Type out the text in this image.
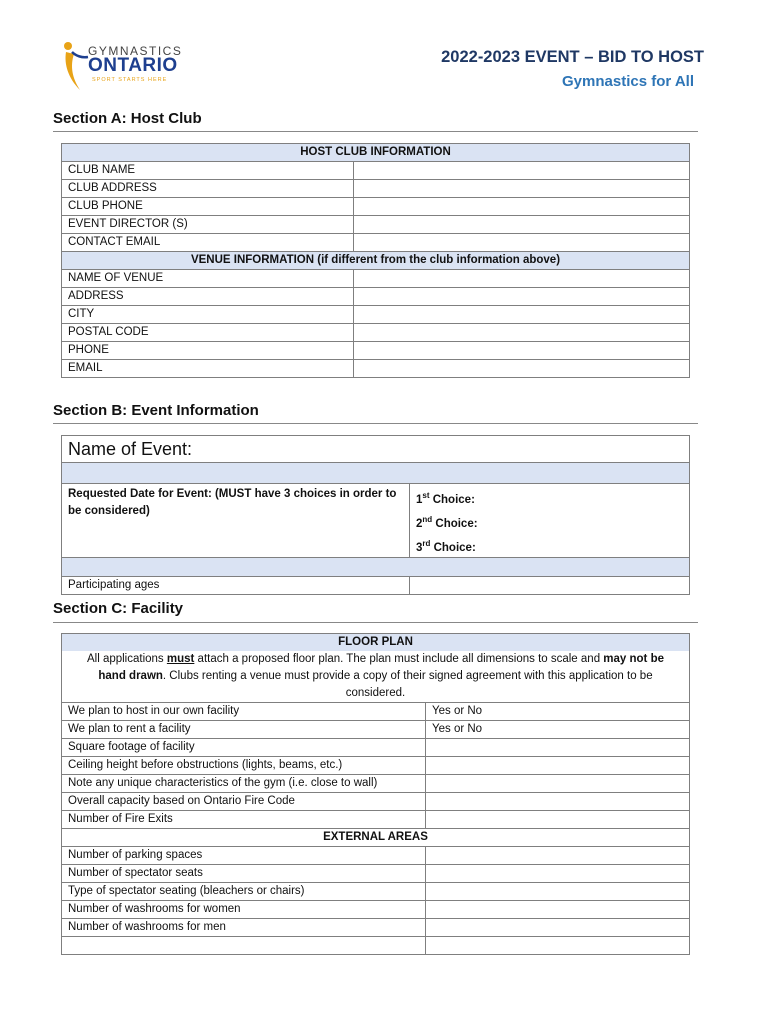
GYMNASTICS
ONTARIO
SPORT STARTS HERE
2022-2023 EVENT – BID TO HOST
Gymnastics for All
Section A: Host Club
HOST CLUB INFORMATION	
CLUB NAME	
CLUB ADDRESS	
CLUB PHONE	
EVENT DIRECTOR (S)	
CONTACT EMAIL	
VENUE INFORMATION (if different from the club information above)	
NAME OF VENUE	
ADDRESS	
CITY	
POSTAL CODE	
PHONE	
EMAIL	
Section B: Event Information
Name of Event:	

Requested Date for Event: (MUST have 3 choices in order to be considered)	1st Choice:
2nd Choice:
3rd Choice:

Participating ages	
Section C: Facility
FLOOR PLAN	
All applications must attach a proposed floor plan. The plan must include all dimensions to scale and may not be hand drawn. Clubs renting a venue must provide a copy of their signed agreement with this application to be considered.	
We plan to host in our own facility	Yes or No
We plan to rent a facility	Yes or No
Square footage of facility	
Ceiling height before obstructions (lights, beams, etc.)	
Note any unique characteristics of the gym (i.e. close to wall)	
Overall capacity based on Ontario Fire Code	
Number of Fire Exits	
EXTERNAL AREAS	
Number of parking spaces	
Number of spectator seats	
Type of spectator seating (bleachers or chairs)	
Number of washrooms for women	
Number of washrooms for men	
